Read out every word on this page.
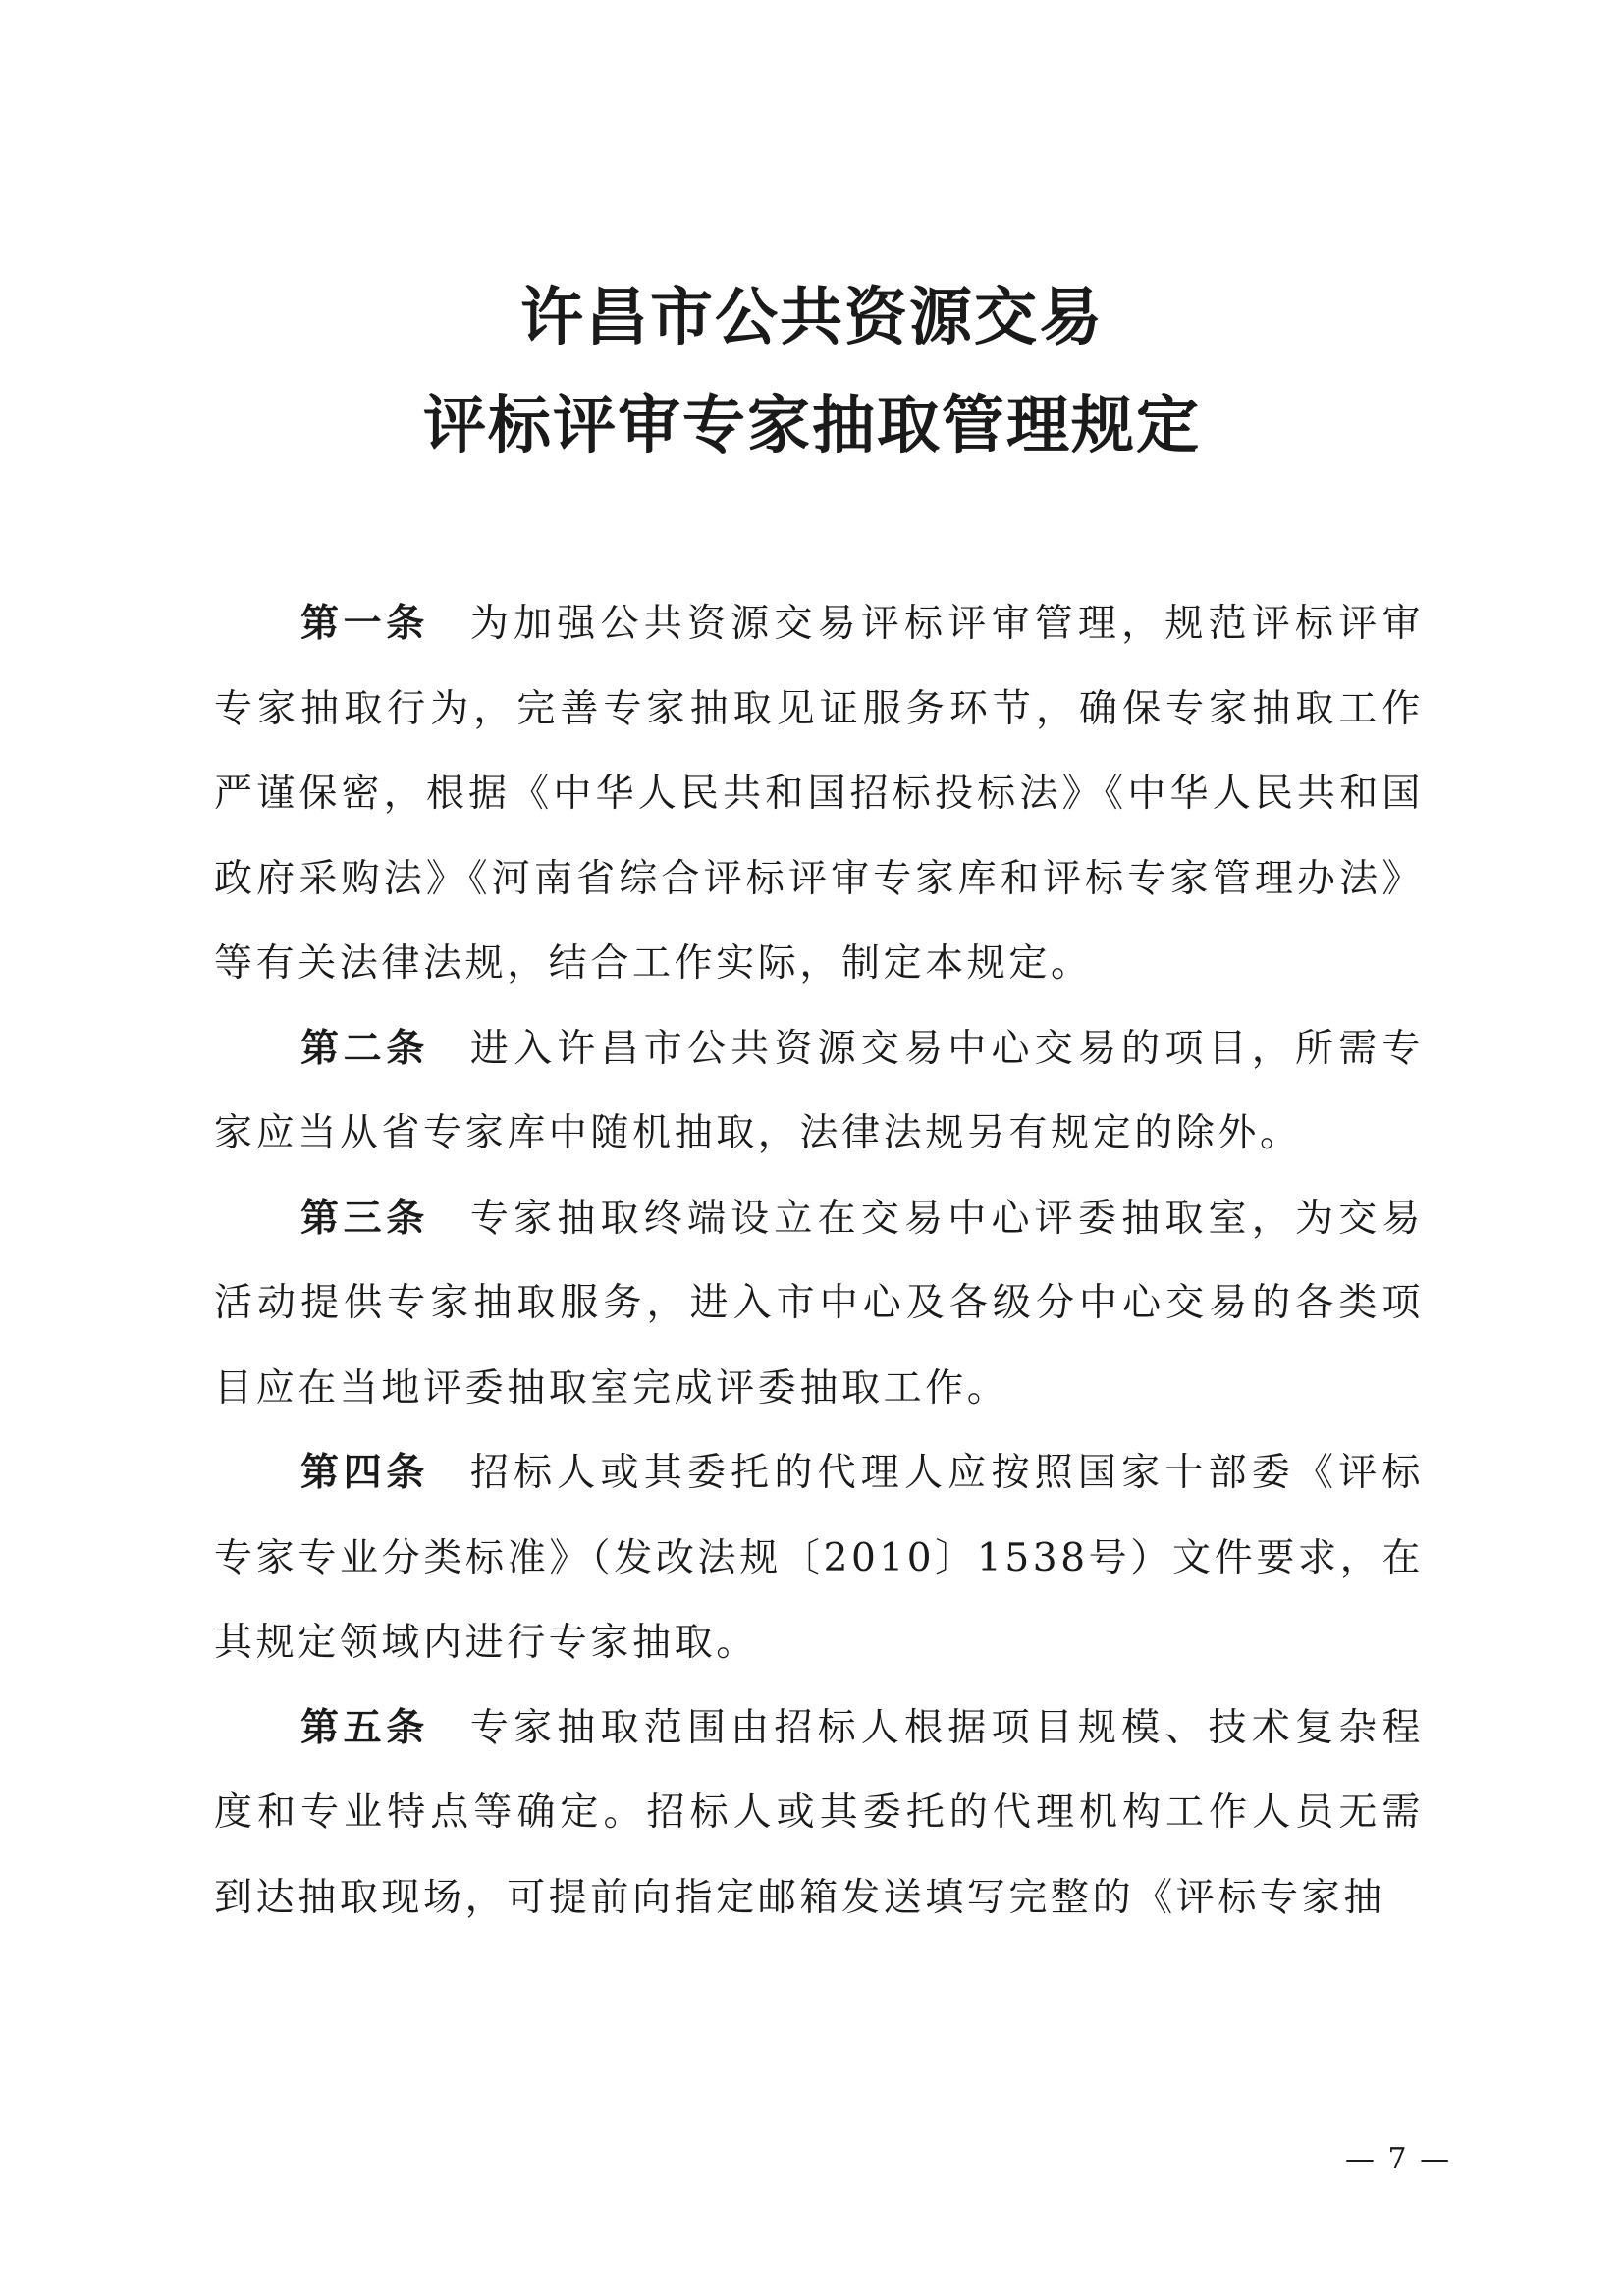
许昌市公共资源交易
评标评审专家抽取管理规定

第一条 为加强公共资源交易评标评审管理，规范评标评审专家抽取行为，完善专家抽取见证服务环节，确保专家抽取工作严谨保密，根据《中华人民共和国招标投标法》《中华人民共和国政府采购法》《河南省综合评标评审专家库和评标专家管理办法》等有关法律法规，结合工作实际，制定本规定。

第二条 进入许昌市公共资源交易中心交易的项目，所需专家应当从省专家库中随机抽取，法律法规另有规定的除外。

第三条 专家抽取终端设立在交易中心评委抽取室，为交易活动提供专家抽取服务，进入市中心及各级分中心交易的各类项目应在当地评委抽取室完成评委抽取工作。

第四条 招标人或其委托的代理人应按照国家十部委《评标专家专业分类标准》（发改法规〔2010〕1538号）文件要求，在其规定领域内进行专家抽取。

第五条 专家抽取范围由招标人根据项目规模、技术复杂程度和专业特点等确定。招标人或其委托的代理机构工作人员无需到达抽取现场，可提前向指定邮箱发送填写完整的《评标专家抽

— 7 —
